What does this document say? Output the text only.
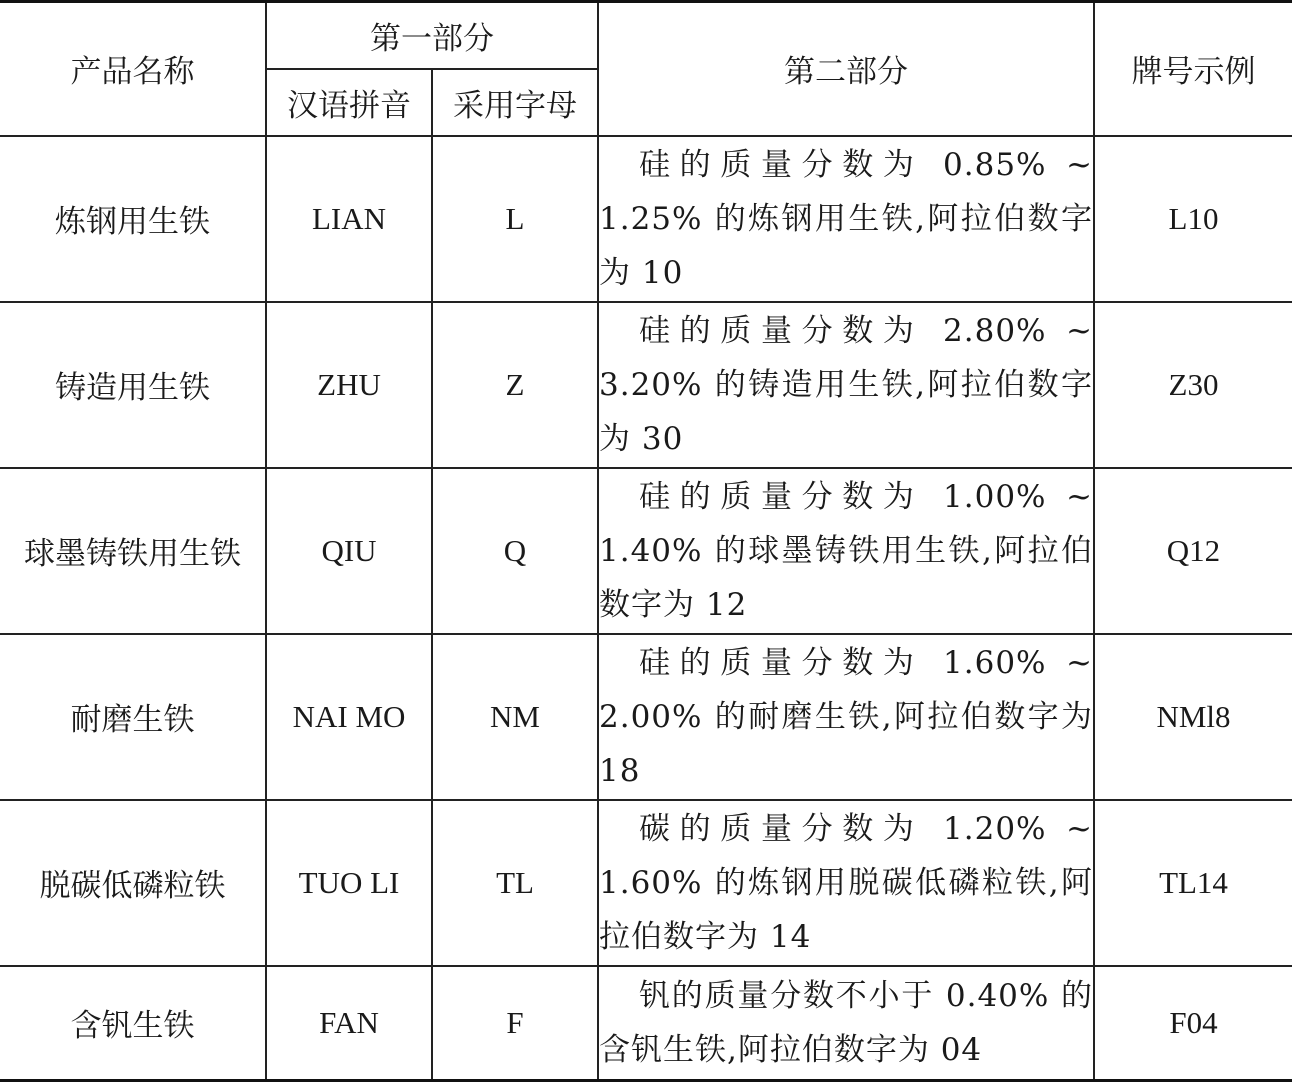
产品名称	第一部分		第二部分	牌号示例
	汉语拼音	采用字母		
炼钢用生铁	LIAN	L	硅的质量分数为 0.85% ~ 1.25% 的炼钢用生铁,阿拉伯数字为 10	L10
铸造用生铁	ZHU	Z	硅的质量分数为 2.80% ~ 3.20% 的铸造用生铁,阿拉伯数字为 30	Z30
球墨铸铁用生铁	QIU	Q	硅的质量分数为 1.00% ~ 1.40% 的球墨铸铁用生铁,阿拉伯数字为 12	Q12
耐磨生铁	NAI MO	NM	硅的质量分数为 1.60% ~ 2.00% 的耐磨生铁,阿拉伯数字为 18	NMl8
脱碳低磷粒铁	TUO LI	TL	碳的质量分数为 1.20% ~ 1.60% 的炼钢用脱碳低磷粒铁,阿拉伯数字为 14	TL14
含钒生铁	FAN	F	钒的质量分数不小于 0.40% 的含钒生铁,阿拉伯数字为 04	F04
